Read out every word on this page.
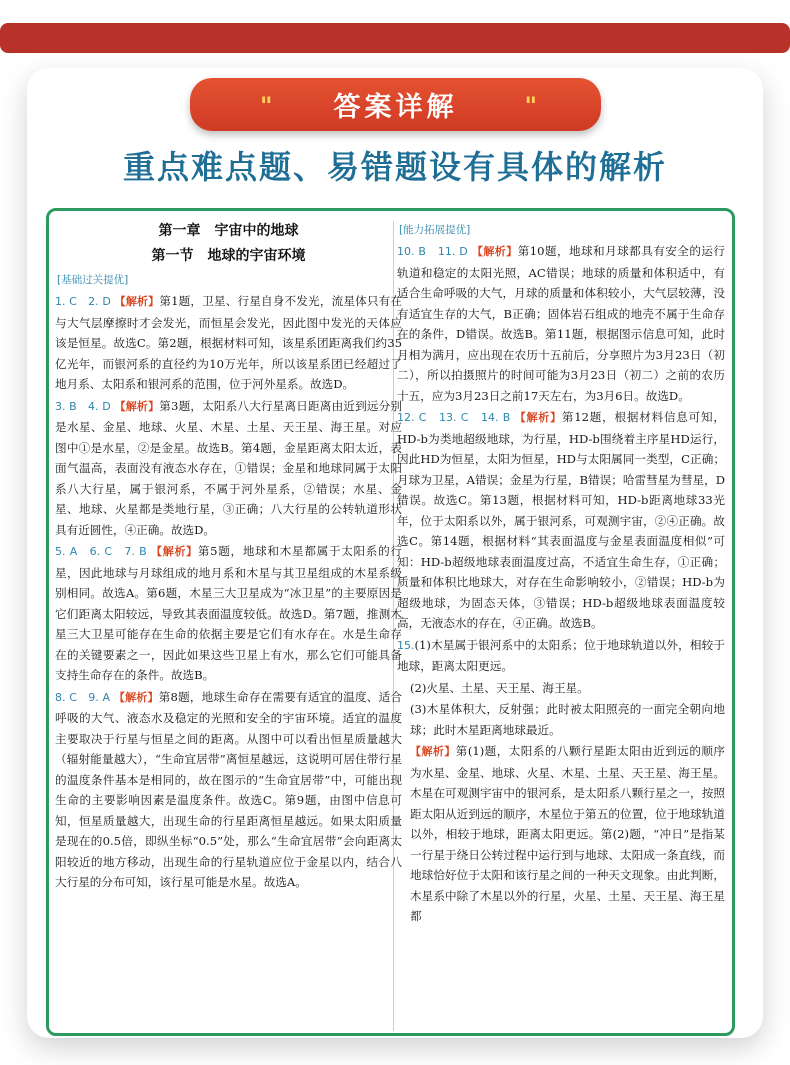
" 答案详解	"
重点难点题、易错题设有具体的解析
第一章　宇宙中的地球
第一节　地球的宇宙环境
[基础过关提优]
1. C　2. D 【解析】第1题，卫星、行星自身不发光，流星体只有在与大气层摩擦时才会发光，而恒星会发光，因此图中发光的天体应该是恒星。故选C。第2题，根据材料可知，该星系团距离我们约35亿光年，而银河系的直径约为10万光年，所以该星系团已经超过了地月系、太阳系和银河系的范围，位于河外星系。故选D。
3. B　4. D 【解析】第3题，太阳系八大行星离日距离由近到远分别是水星、金星、地球、火星、木星、土星、天王星、海王星。对应图中①是水星，②是金星。故选B。第4题，金星距离太阳太近，表面气温高，表面没有液态水存在，①错误；金星和地球同属于太阳系八大行星，属于银河系，不属于河外星系，②错误；水星、金星、地球、火星都是类地行星，③正确；八大行星的公转轨道形状具有近圆性，④正确。故选D。
5. A　6. C　7. B 【解析】第5题，地球和木星都属于太阳系的行星，因此地球与月球组成的地月系和木星与其卫星组成的木星系级别相同。故选A。第6题，木星三大卫星成为“冰卫星”的主要原因是它们距离太阳较远，导致其表面温度较低。故选D。第7题，推测木星三大卫星可能存在生命的依据主要是它们有水存在。水是生命存在的关键要素之一，因此如果这些卫星上有水，那么它们可能具备支持生命存在的条件。故选B。
8. C　9. A 【解析】第8题，地球生命存在需要有适宜的温度、适合呼吸的大气、液态水及稳定的光照和安全的宇宙环境。适宜的温度主要取决于行星与恒星之间的距离。从图中可以看出恒星质量越大（辐射能量越大），“生命宜居带”离恒星越远，这说明可居住带行星的温度条件基本是相同的，故在图示的“生命宜居带”中，可能出现生命的主要影响因素是温度条件。故选C。第9题，由图中信息可知，恒星质量越大，出现生命的行星距离恒星越远。如果太阳质量是现在的0.5倍，即纵坐标“0.5”处，那么“生命宜居带”会向距离太阳较近的地方移动，出现生命的行星轨道应位于金星以内，结合八大行星的分布可知，该行星可能是水星。故选A。
[能力拓展提优]
10. B　11. D 【解析】第10题，地球和月球都具有安全的运行轨道和稳定的太阳光照，AC错误；地球的质量和体积适中，有适合生命呼吸的大气，月球的质量和体积较小，大气层较薄，没有适宜生存的大气，B正确；固体岩石组成的地壳不属于生命存在的条件，D错误。故选B。第11题，根据图示信息可知，此时月相为满月，应出现在农历十五前后，分享照片为3月23日（初二），所以拍摄照片的时间可能为3月23日（初二）之前的农历十五，应为3月23日之前17天左右，为3月6日。故选D。
12. C　13. C　14. B 【解析】第12题，根据材料信息可知，HD-b为类地超级地球，为行星，HD-b围绕着主序星HD运行，因此HD为恒星，太阳为恒星，HD与太阳属同一类型，C正确；月球为卫星，A错误；金星为行星，B错误；哈雷彗星为彗星，D错误。故选C。第13题，根据材料可知，HD-b距离地球33光年，位于太阳系以外，属于银河系，可观测宇宙，②④正确。故选C。第14题，根据材料“其表面温度与金星表面温度相似”可知：HD-b超级地球表面温度过高，不适宜生命生存，①正确；质量和体积比地球大，对存在生命影响较小，②错误；HD-b为超级地球，为固态天体，③错误；HD-b超级地球表面温度较高，无液态水的存在，④正确。故选B。
15.(1)木星属于银河系中的太阳系；位于地球轨道以外，相较于地球，距离太阳更远。
(2)火星、土星、天王星、海王星。
(3)木星体积大，反射强；此时被太阳照亮的一面完全朝向地球；此时木星距离地球最近。
【解析】第(1)题，太阳系的八颗行星距太阳由近到远的顺序为水星、金星、地球、火星、木星、土星、天王星、海王星。木星在可观测宇宙中的银河系，是太阳系八颗行星之一，按照距太阳从近到远的顺序，木星位于第五的位置，位于地球轨道以外，相较于地球，距离太阳更远。第(2)题，“冲日”是指某一行星于绕日公转过程中运行到与地球、太阳成一条直线，而地球恰好位于太阳和该行星之间的一种天文现象。由此判断，木星系中除了木星以外的行星，火星、土星、天王星、海王星都
